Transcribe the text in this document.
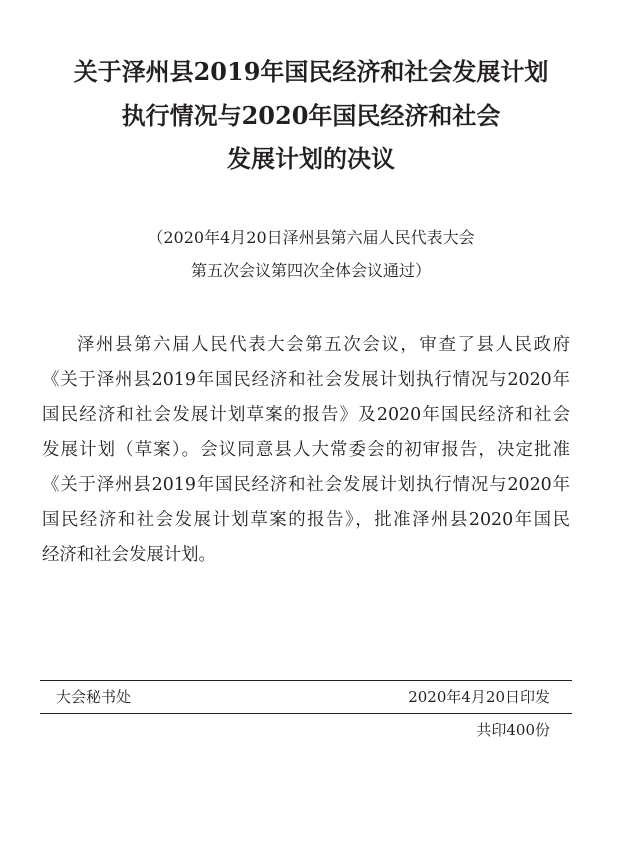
关于泽州县2019年国民经济和社会发展计划
执行情况与2020年国民经济和社会
发展计划的决议
（2020年4月20日泽州县第六届人民代表大会
第五次会议第四次全体会议通过）
泽州县第六届人民代表大会第五次会议，审查了县人民政府
《关于泽州县2019年国民经济和社会发展计划执行情况与2020年
国民经济和社会发展计划草案的报告》及2020年国民经济和社会
发展计划（草案）。会议同意县人大常委会的初审报告，决定批准
《关于泽州县2019年国民经济和社会发展计划执行情况与2020年
国民经济和社会发展计划草案的报告》，批准泽州县2020年国民
经济和社会发展计划。
大会秘书处	2020年4月20日印发
共印400份
